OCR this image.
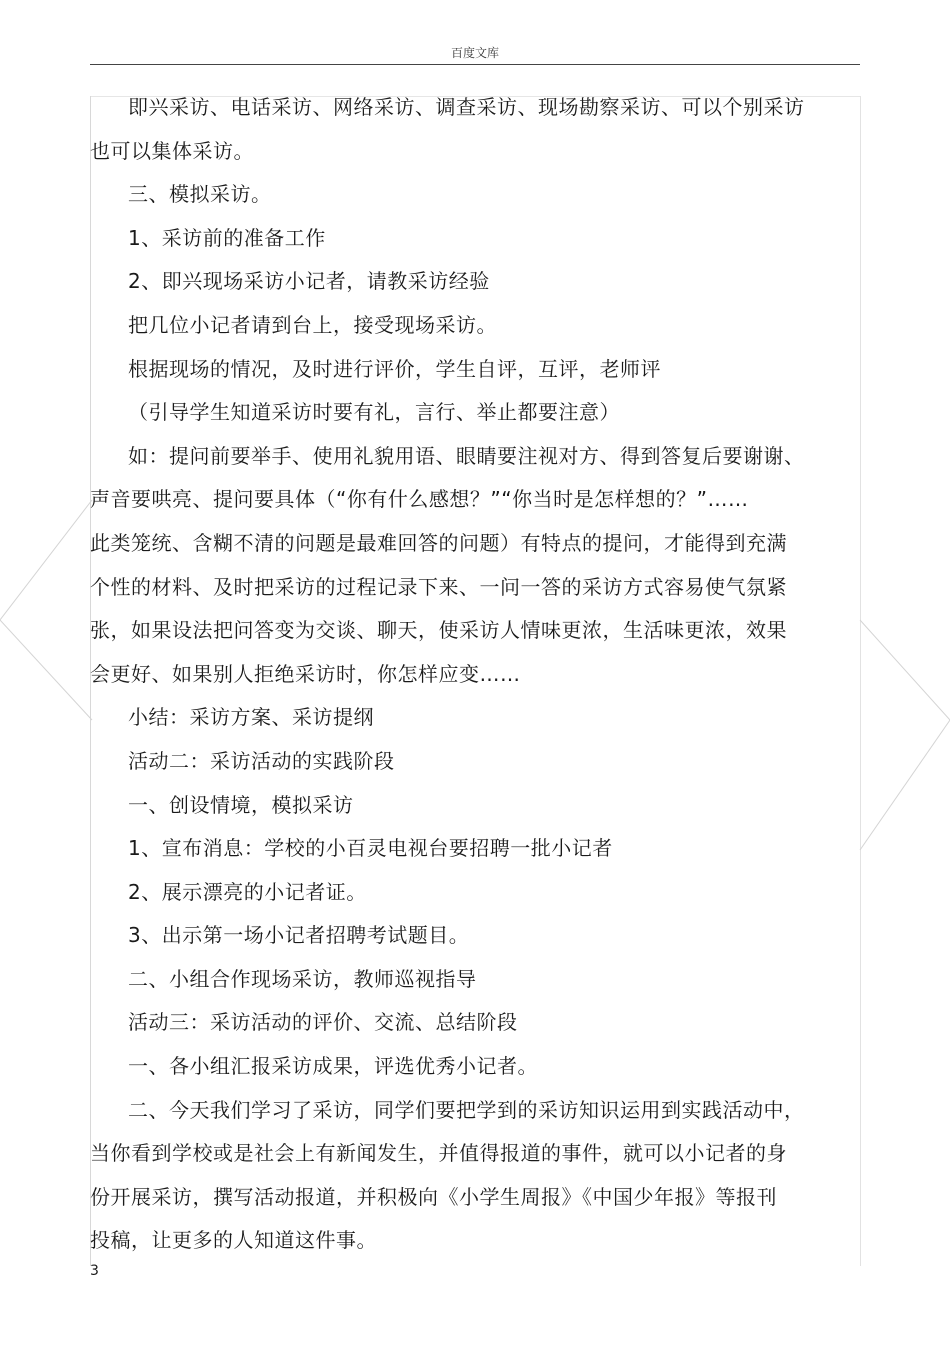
百度文库

即兴采访、电话采访、网络采访、调查采访、现场勘察采访、可以个别采访

也可以集体采访。

三、模拟采访。

1、采访前的准备工作

2、即兴现场采访小记者，请教采访经验

把几位小记者请到台上，接受现场采访。

根据现场的情况，及时进行评价，学生自评，互评，老师评

（引导学生知道采访时要有礼，言行、举止都要注意）

如：提问前要举手、使用礼貌用语、眼睛要注视对方、得到答复后要谢谢、

声音要哄亮、提问要具体（“你有什么感想？”“你当时是怎样想的？”……

此类笼统、含糊不清的问题是最难回答的问题）有特点的提问，才能得到充满

个性的材料、及时把采访的过程记录下来、一问一答的采访方式容易使气氛紧

张，如果设法把问答变为交谈、聊天，使采访人情味更浓，生活味更浓，效果

会更好、如果别人拒绝采访时，你怎样应变……

小结：采访方案、采访提纲

活动二：采访活动的实践阶段

一、创设情境，模拟采访

1、宣布消息：学校的小百灵电视台要招聘一批小记者

2、展示漂亮的小记者证。

3、出示第一场小记者招聘考试题目。

二、小组合作现场采访，教师巡视指导

活动三：采访活动的评价、交流、总结阶段

一、各小组汇报采访成果，评选优秀小记者。

二、今天我们学习了采访，同学们要把学到的采访知识运用到实践活动中，

当你看到学校或是社会上有新闻发生，并值得报道的事件，就可以小记者的身

份开展采访，撰写活动报道，并积极向《小学生周报》《中国少年报》等报刊

投稿，让更多的人知道这件事。

3
